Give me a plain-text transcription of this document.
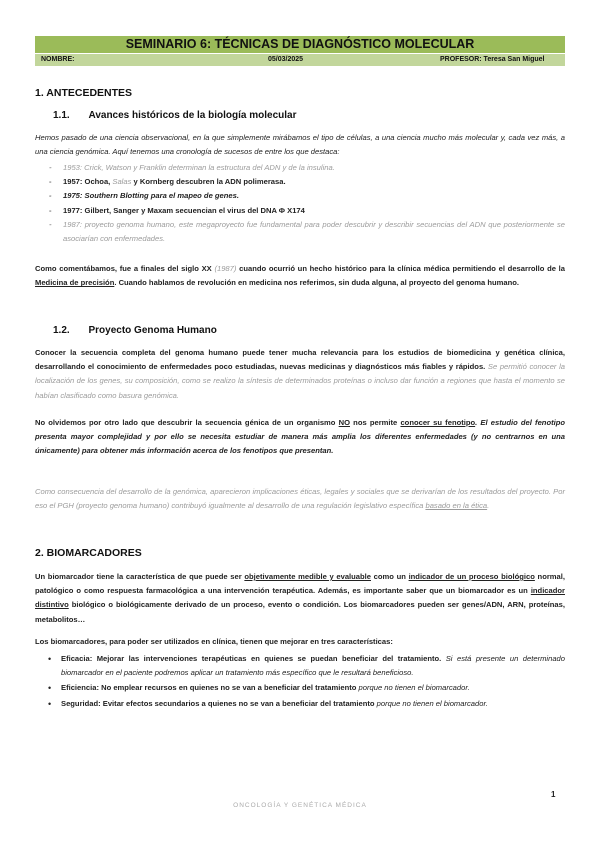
SEMINARIO 6: TÉCNICAS DE DIAGNÓSTICO MOLECULAR
NOMBRE:	05/03/2025	PROFESOR: Teresa San Miguel
1. ANTECEDENTES
1.1. Avances históricos de la biología molecular
Hemos pasado de una ciencia observacional, en la que simplemente mirábamos el tipo de células, a una ciencia mucho más molecular y, cada vez más, a una ciencia genómica. Aquí tenemos una cronología de sucesos de entre los que destaca:
- 1953: Crick, Watson y Franklin determinan la estructura del ADN y de la insulina.
- 1957: Ochoa, Salas y Kornberg descubren la ADN polimerasa.
- 1975: Southern Blotting para el mapeo de genes.
- 1977: Gilbert, Sanger y Maxam secuencian el virus del DNA Φ X174
- 1987: proyecto genoma humano, este megaproyecto fue fundamental para poder descubrir y describir secuencias del ADN que posteriormente se asociarían con enfermedades.
Como comentábamos, fue a finales del siglo XX (1987) cuando ocurrió un hecho histórico para la clínica médica permitiendo el desarrollo de la Medicina de precisión. Cuando hablamos de revolución en medicina nos referimos, sin duda alguna, al proyecto del genoma humano.
1.2. Proyecto Genoma Humano
Conocer la secuencia completa del genoma humano puede tener mucha relevancia para los estudios de biomedicina y genética clínica, desarrollando el conocimiento de enfermedades poco estudiadas, nuevas medicinas y diagnósticos más fiables y rápidos. Se permitió conocer la localización de los genes, su composición, como se realizo la síntesis de determinados proteínas o incluso dar función a regiones que hasta el momento se habían clasificado como basura genómica.
No olvidemos por otro lado que descubrir la secuencia génica de un organismo NO nos permite conocer su fenotipo. El estudio del fenotipo presenta mayor complejidad y por ello se necesita estudiar de manera más amplia los diferentes enfermedades (y no centrarnos en una únicamente) para obtener más información acerca de los fenotipos que presentan.
Como consecuencia del desarrollo de la genómica, aparecieron implicaciones éticas, legales y sociales que se derivarían de los resultados del proyecto. Por eso el PGH (proyecto genoma humano) contribuyó igualmente al desarrollo de una regulación legislativo específica basado en la ética.
2. BIOMARCADORES
Un biomarcador tiene la característica de que puede ser objetivamente medible y evaluable como un indicador de un proceso biológico normal, patológico o como respuesta farmacológica a una intervención terapéutica. Además, es importante saber que un biomarcador es un indicador distintivo biológico o biológicamente derivado de un proceso, evento o condición. Los biomarcadores pueden ser genes/ADN, ARN, proteínas, metabolitos…
Los biomarcadores, para poder ser utilizados en clínica, tienen que mejorar en tres características:
• Eficacia: Mejorar las intervenciones terapéuticas en quienes se puedan beneficiar del tratamiento. Si está presente un determinado biomarcador en el paciente podremos aplicar un tratamiento más específico que le resultará beneficioso.
• Eficiencia: No emplear recursos en quienes no se van a beneficiar del tratamiento porque no tienen el biomarcador.
• Seguridad: Evitar efectos secundarios a quienes no se van a beneficiar del tratamiento porque no tienen el biomarcador.
1
ONCOLOGÍA Y GENÉTICA MÉDICA
